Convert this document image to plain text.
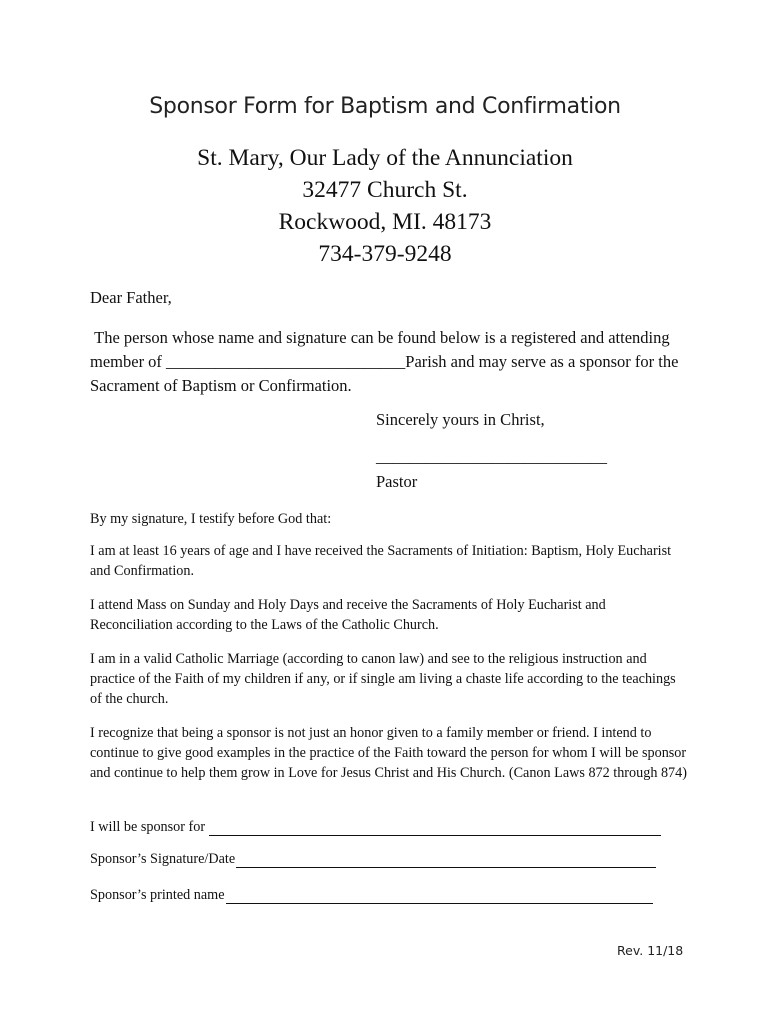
Sponsor Form for Baptism and Confirmation
St. Mary, Our Lady of the Annunciation
32477 Church St.
Rockwood, MI. 48173
734-379-9248
Dear Father,
The person whose name and signature can be found below is a registered and attending member of _____________________________Parish and may serve as a sponsor for the Sacrament of Baptism or Confirmation.
Sincerely yours in Christ,
____________________________
Pastor
By my signature, I testify before God that:
I am at least 16 years of age and I have received the Sacraments of Initiation: Baptism, Holy Eucharist and Confirmation.
I attend Mass on Sunday and Holy Days and receive the Sacraments of Holy Eucharist and Reconciliation according to the Laws of the Catholic Church.
I am in a valid Catholic Marriage (according to canon law) and see to the religious instruction and practice of the Faith of my children if any, or if single am living a chaste life according to the teachings of the church.
I recognize that being a sponsor is not just an honor given to a family member or friend. I intend to continue to give good examples in the practice of the Faith toward the person for whom I will be sponsor and continue to help them grow in Love for Jesus Christ and His Church. (Canon Laws 872 through 874)
I will be sponsor for
Sponsor’s Signature/Date
Sponsor’s printed name
Rev. 11/18
